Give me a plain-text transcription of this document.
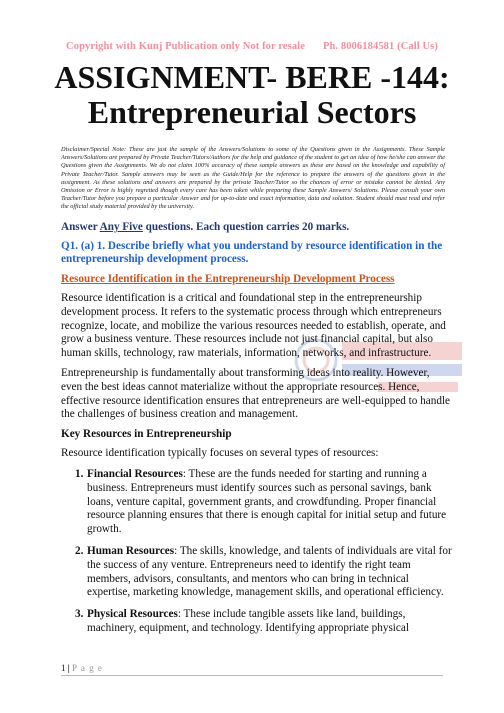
Copyright with Kunj Publication only Not for resale Ph. 8006184581 (Call Us)
ASSIGNMENT- BERE -144:
Entrepreneurial Sectors
Disclaimer/Special Note: These are just the sample of the Answers/Solutions to some of the Questions given in the Assignments. These Sample Answers/Solutions are prepared by Private Teacher/Tutors/Authors for the help and guidance of the student to get an idea of how he/she can answer the Questions given the Assignments. We do not claim 100% accuracy of these sample answers as these are based on the knowledge and capability of Private Teacher/Tutor. Sample answers may be seen as the Guide/Help for the reference to prepare the answers of the questions given in the assignment. As these solutions and answers are prepared by the private Teacher/Tutor so the chances of error or mistake cannot be denied. Any Omission or Error is highly regretted though every care has been taken while preparing these Sample Answers/ Solutions. Please consult your own Teacher/Tutor before you prepare a particular Answer and for up-to-date and exact information, data and solution. Student should must read and refer the official study material provided by the university.
Answer Any Five questions. Each question carries 20 marks.
Q1. (a) 1. Describe briefly what you understand by resource identification in the entrepreneurship development process.
Resource Identification in the Entrepreneurship Development Process
Resource identification is a critical and foundational step in the entrepreneurship development process. It refers to the systematic process through which entrepreneurs recognize, locate, and mobilize the various resources needed to establish, operate, and grow a business venture. These resources include not just financial capital, but also human skills, technology, raw materials, information, networks, and infrastructure.
Entrepreneurship is fundamentally about transforming ideas into reality. However, even the best ideas cannot materialize without the appropriate resources. Hence, effective resource identification ensures that entrepreneurs are well-equipped to handle the challenges of business creation and management.
Key Resources in Entrepreneurship
Resource identification typically focuses on several types of resources:
1. Financial Resources: These are the funds needed for starting and running a business. Entrepreneurs must identify sources such as personal savings, bank loans, venture capital, government grants, and crowdfunding. Proper financial resource planning ensures that there is enough capital for initial setup and future growth.
2. Human Resources: The skills, knowledge, and talents of individuals are vital for the success of any venture. Entrepreneurs need to identify the right team members, advisors, consultants, and mentors who can bring in technical expertise, marketing knowledge, management skills, and operational efficiency.
3. Physical Resources: These include tangible assets like land, buildings, machinery, equipment, and technology. Identifying appropriate physical
1 | P a g e
